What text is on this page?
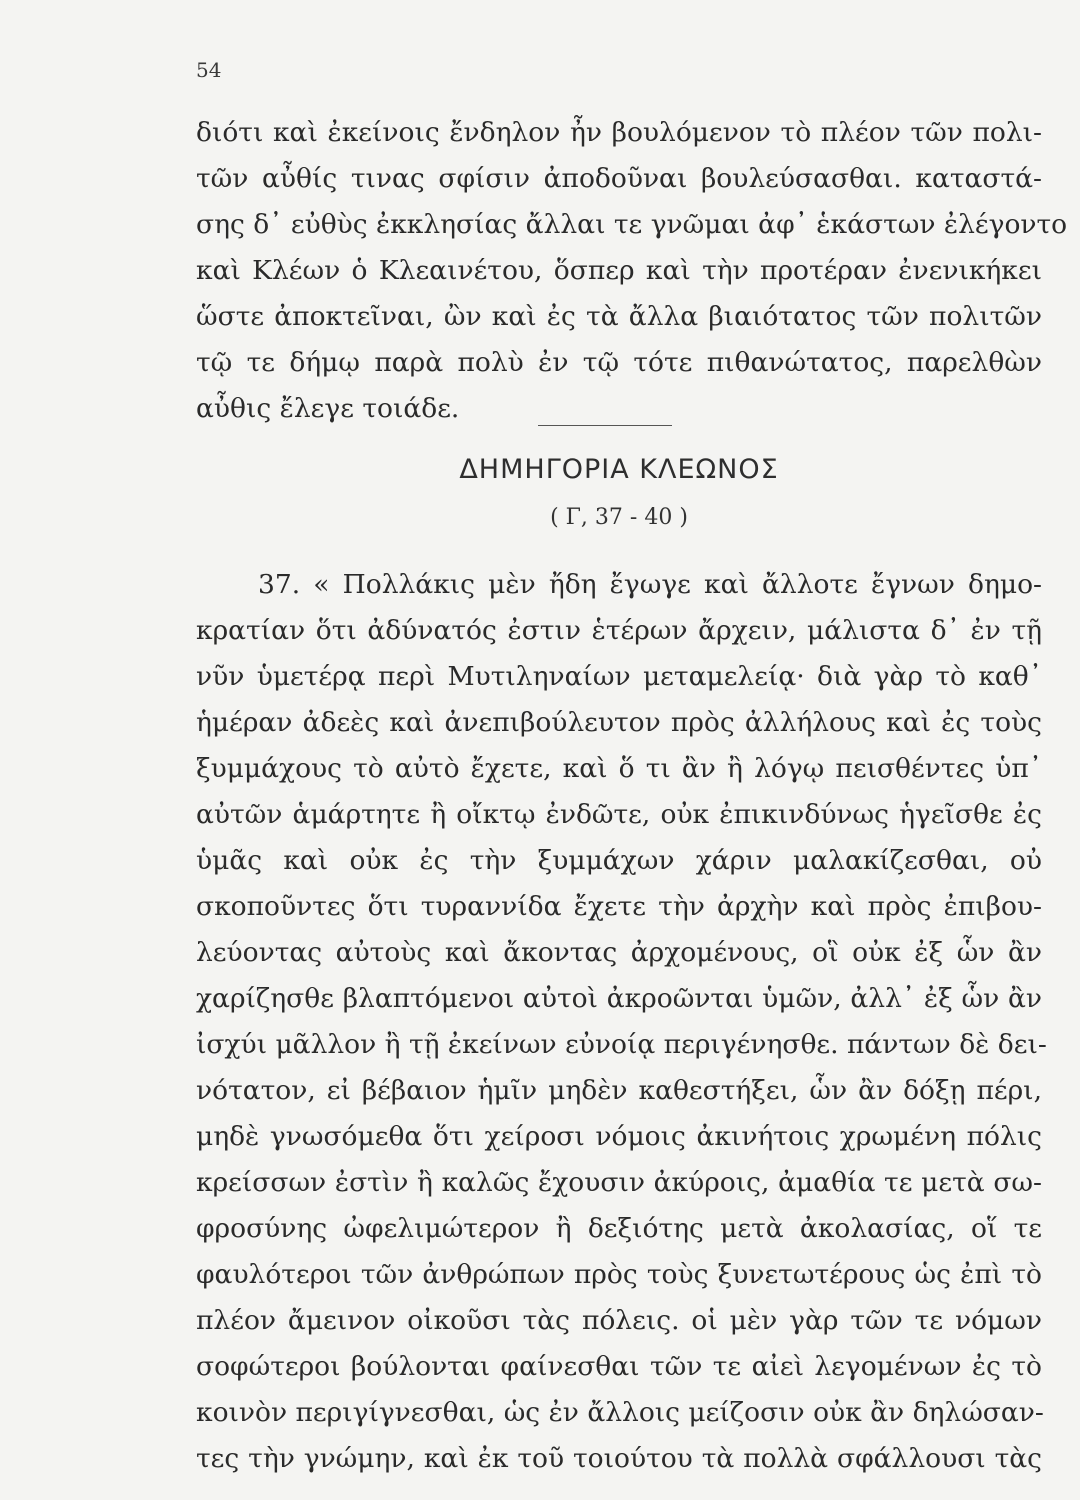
54
διότι καὶ ἐκείνοις ἔνδηλον ἦν βουλόμενον τὸ πλέον τῶν πολι-
τῶν αὖθίς τινας σφίσιν ἀποδοῦναι βουλεύσασθαι. καταστά-
σης δ᾽ εὐθὺς ἐκκλησίας ἄλλαι τε γνῶμαι ἀφ᾽ ἑκάστων ἐλέγοντο
καὶ Κλέων ὁ Κλεαινέτου, ὅσπερ καὶ τὴν προτέραν ἐνενικήκει
ὥστε ἀποκτεῖναι, ὢν καὶ ἐς τὰ ἄλλα βιαιότατος τῶν πολιτῶν
τῷ τε δήμῳ παρὰ πολὺ ἐν τῷ τότε πιθανώτατος, παρελθὼν
αὖθις ἔλεγε τοιάδε.
ΔΗΜΗΓΟΡΙΑ ΚΛΕΩΝΟΣ
( Γ, 37 - 40 )
37. « Πολλάκις μὲν ἤδη ἔγωγε καὶ ἄλλοτε ἔγνων δημο-
κρατίαν ὅτι ἀδύνατός ἐστιν ἑτέρων ἄρχειν, μάλιστα δ᾽ ἐν τῇ
νῦν ὑμετέρᾳ περὶ Μυτιληναίων μεταμελείᾳ· διὰ γὰρ τὸ καθ᾽
ἡμέραν ἀδεὲς καὶ ἀνεπιβούλευτον πρὸς ἀλλήλους καὶ ἐς τοὺς
ξυμμάχους τὸ αὐτὸ ἔχετε, καὶ ὅ τι ἂν ἢ λόγῳ πεισθέντες ὑπ᾽
αὐτῶν ἁμάρτητε ἢ οἴκτῳ ἐνδῶτε, οὐκ ἐπικινδύνως ἡγεῖσθε ἐς
ὑμᾶς καὶ οὐκ ἐς τὴν ξυμμάχων χάριν μαλακίζεσθαι, οὐ
σκοποῦντες ὅτι τυραννίδα ἔχετε τὴν ἀρχὴν καὶ πρὸς ἐπιβου-
λεύοντας αὐτοὺς καὶ ἄκοντας ἀρχομένους, οἳ οὐκ ἐξ ὧν ἂν
χαρίζησθε βλαπτόμενοι αὐτοὶ ἀκροῶνται ὑμῶν, ἀλλ᾽ ἐξ ὧν ἂν
ἰσχύι μᾶλλον ἢ τῇ ἐκείνων εὐνοίᾳ περιγένησθε. πάντων δὲ δει-
νότατον, εἰ βέβαιον ἡμῖν μηδὲν καθεστήξει, ὧν ἂν δόξῃ πέρι,
μηδὲ γνωσόμεθα ὅτι χείροσι νόμοις ἀκινήτοις χρωμένη πόλις
κρείσσων ἐστὶν ἢ καλῶς ἔχουσιν ἀκύροις, ἀμαθία τε μετὰ σω-
φροσύνης ὠφελιμώτερον ἢ δεξιότης μετὰ ἀκολασίας, οἵ τε
φαυλότεροι τῶν ἀνθρώπων πρὸς τοὺς ξυνετωτέρους ὡς ἐπὶ τὸ
πλέον ἄμεινον οἰκοῦσι τὰς πόλεις. οἱ μὲν γὰρ τῶν τε νόμων
σοφώτεροι βούλονται φαίνεσθαι τῶν τε αἰεὶ λεγομένων ἐς τὸ
κοινὸν περιγίγνεσθαι, ὡς ἐν ἄλλοις μείζοσιν οὐκ ἂν δηλώσαν-
τες τὴν γνώμην, καὶ ἐκ τοῦ τοιούτου τὰ πολλὰ σφάλλουσι τὰς
